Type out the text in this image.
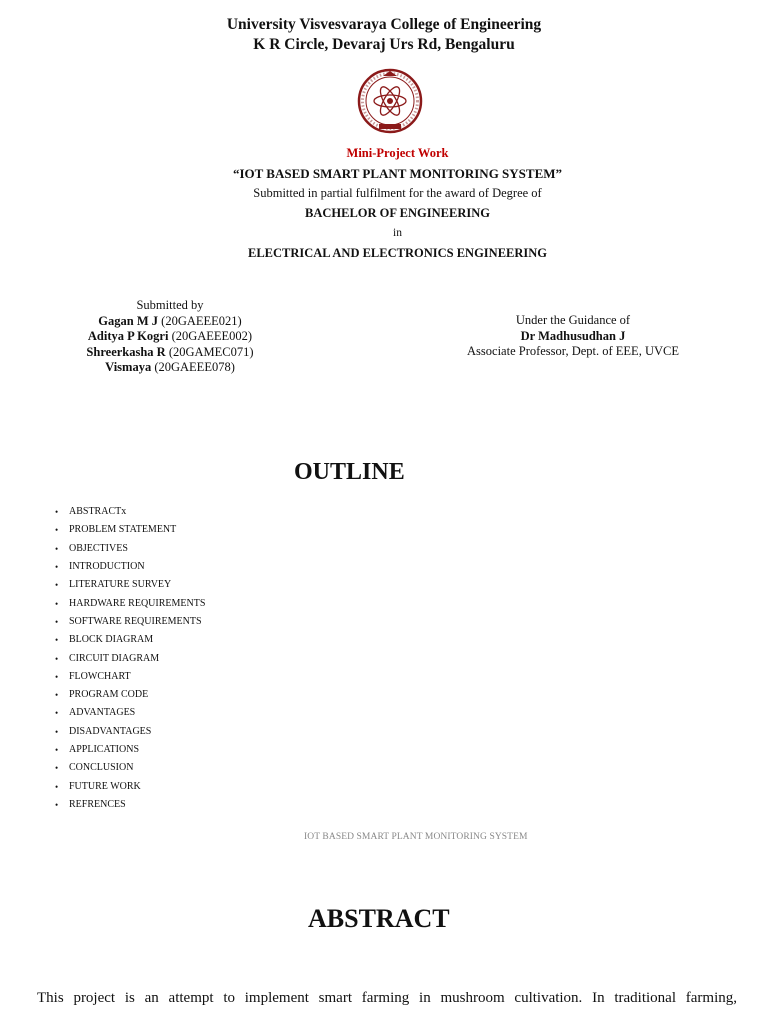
University Visvesvaraya College of Engineering
K R Circle, Devaraj Urs Rd, Bengaluru
Mini-Project Work
“IOT BASED SMART PLANT MONITORING SYSTEM”
Submitted in partial fulfilment for the award of Degree of
BACHELOR OF ENGINEERING
in
ELECTRICAL AND ELECTRONICS ENGINEERING
Submitted by
Gagan M J (20GAEEE021)
Aditya P Kogri (20GAEEE002)
Shreerkasha R (20GAMEC071)
Vismaya (20GAEEE078)
Under the Guidance of
Dr Madhusudhan J
Associate Professor, Dept. of EEE, UVCE
OUTLINE
•	ABSTRACTx
•	PROBLEM STATEMENT
•	OBJECTIVES
•	INTRODUCTION
•	LITERATURE SURVEY
•	HARDWARE REQUIREMENTS
•	SOFTWARE REQUIREMENTS
•	BLOCK DIAGRAM
•	CIRCUIT DIAGRAM
•	FLOWCHART
•	PROGRAM CODE
•	ADVANTAGES
•	DISADVANTAGES
•	APPLICATIONS
•	CONCLUSION
•	FUTURE WORK
•	REFRENCES
IOT BASED SMART PLANT MONITORING SYSTEM
ABSTRACT
This project is an attempt to implement smart farming in mushroom cultivation. In traditional farming,
